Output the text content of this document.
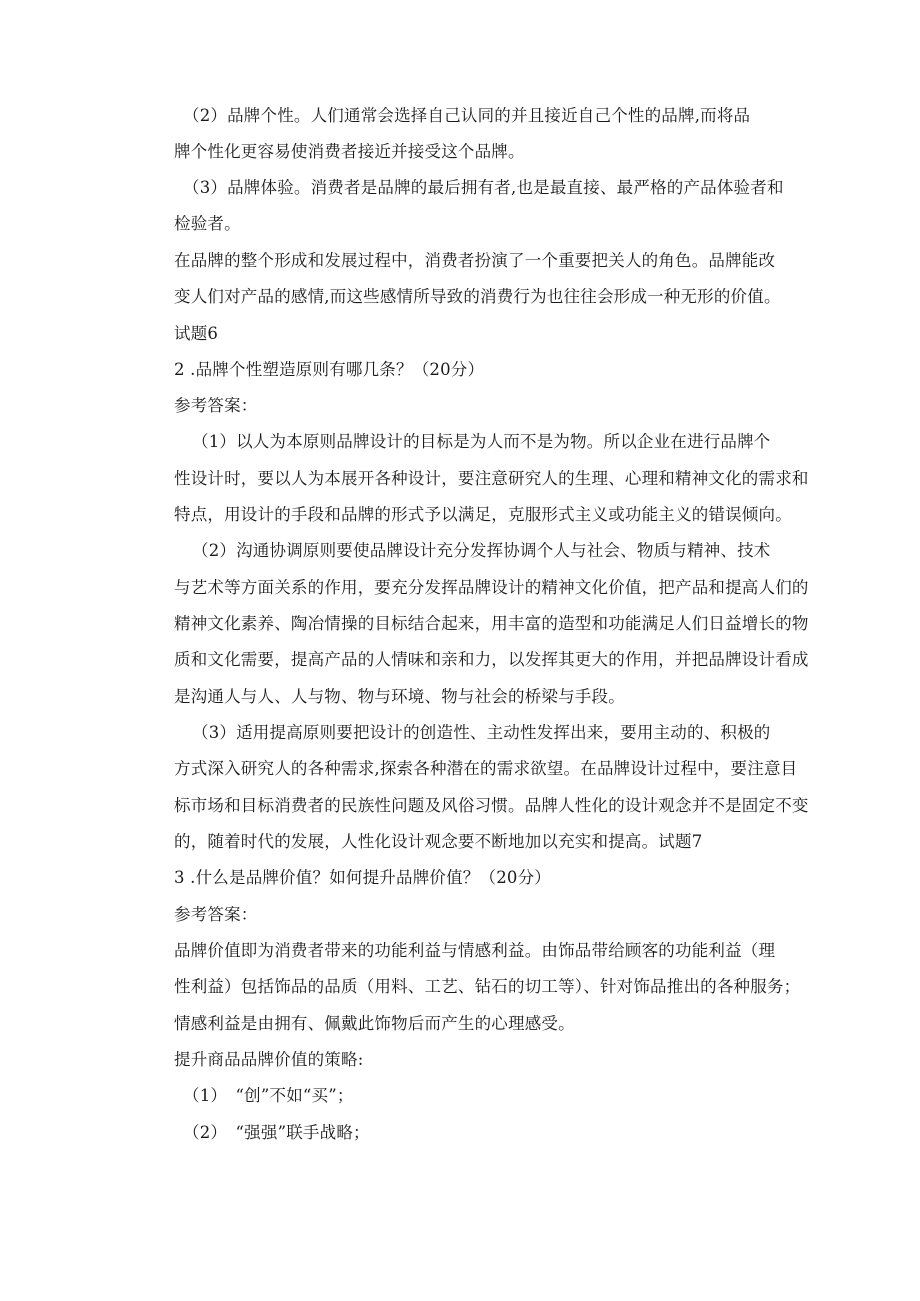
（2）品牌个性。人们通常会选择自己认同的并且接近自己个性的品牌,而将品
牌个性化更容易使消费者接近并接受这个品牌。
（3）品牌体验。消费者是品牌的最后拥有者,也是最直接、最严格的产品体验者和
检验者。
在品牌的整个形成和发展过程中，消费者扮演了一个重要把关人的角色。品牌能改
变人们对产品的感情,而这些感情所导致的消费行为也往往会形成一种无形的价值。
试题6
2 .品牌个性塑造原则有哪几条？（20分）
参考答案：
（1）以人为本原则品牌设计的目标是为人而不是为物。所以企业在进行品牌个
性设计时，要以人为本展开各种设计，要注意研究人的生理、心理和精神文化的需求和
特点，用设计的手段和品牌的形式予以满足，克服形式主义或功能主义的错误倾向。
（2）沟通协调原则要使品牌设计充分发挥协调个人与社会、物质与精神、技术
与艺术等方面关系的作用，要充分发挥品牌设计的精神文化价值，把产品和提高人们的
精神文化素养、陶冶情操的目标结合起来，用丰富的造型和功能满足人们日益增长的物
质和文化需要，提高产品的人情味和亲和力，以发挥其更大的作用，并把品牌设计看成
是沟通人与人、人与物、物与环境、物与社会的桥梁与手段。
（3）适用提高原则要把设计的创造性、主动性发挥出来，要用主动的、积极的
方式深入研究人的各种需求,探索各种潜在的需求欲望。在品牌设计过程中，要注意目
标市场和目标消费者的民族性问题及风俗习惯。品牌人性化的设计观念并不是固定不变
的，随着时代的发展，人性化设计观念要不断地加以充实和提高。试题7
3 .什么是品牌价值？如何提升品牌价值？（20分）
参考答案：
品牌价值即为消费者带来的功能利益与情感利益。由饰品带给顾客的功能利益（理
性利益）包括饰品的品质（用料、工艺、钻石的切工等）、针对饰品推出的各种服务；
情感利益是由拥有、佩戴此饰物后而产生的心理感受。
提升商品品牌价值的策略:
（1）　“创”不如“买”；
（2）　“强强”联手战略；
